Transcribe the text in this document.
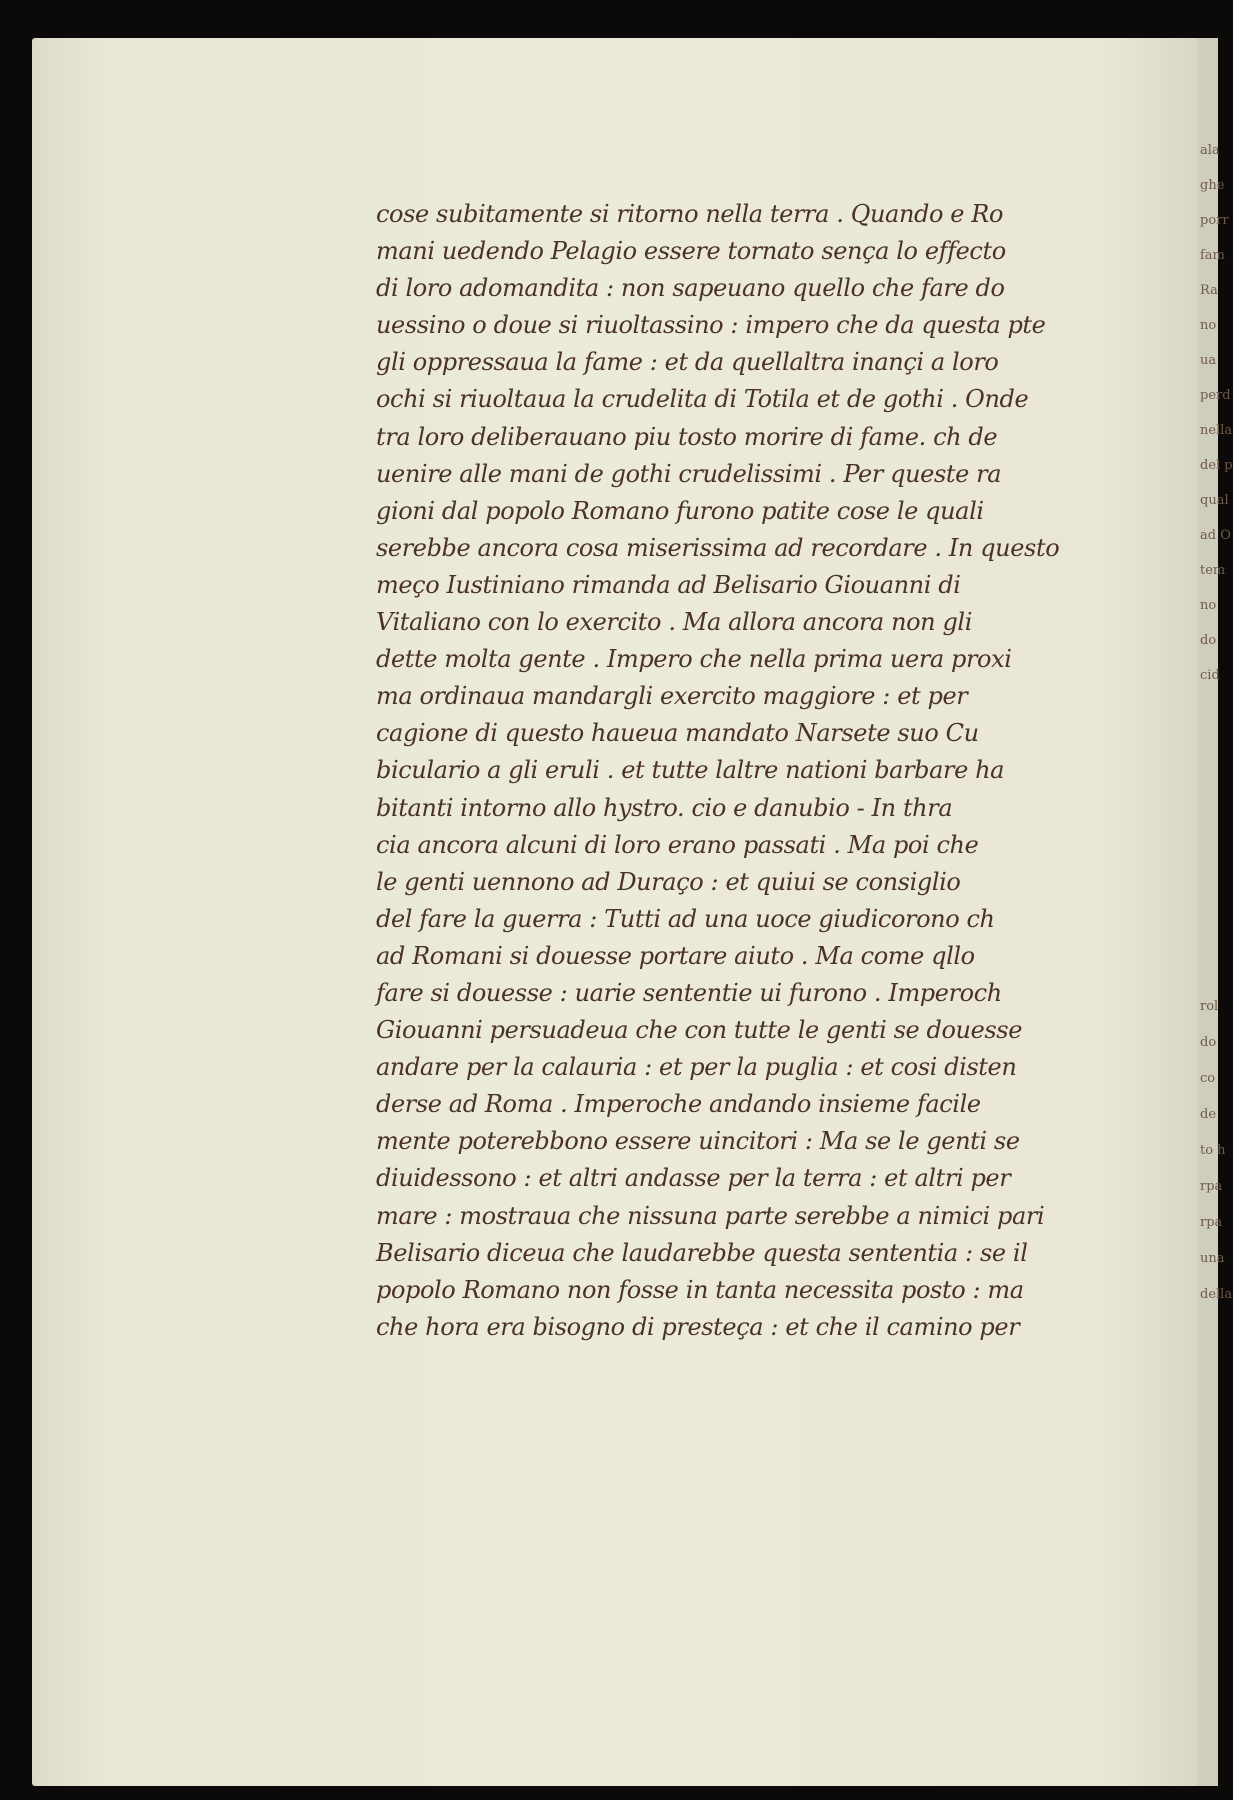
cose subitamente si ritorno nella terra . Quando e Ro
mani uedendo Pelagio essere tornato sença lo effecto
di loro adomandita : non sapeuano quello che fare do
uessino o doue si riuoltassino : impero che da questa pte
gli oppressaua la fame : et da quellaltra inançi a loro
ochi si riuoltaua la crudelita di Totila et de gothi . Onde
tra loro deliberauano piu tosto morire di fame. ch de
uenire alle mani de gothi crudelissimi . Per queste ra
gioni dal popolo Romano furono patite cose le quali
serebbe ancora cosa miserissima ad recordare . In questo
meço Iustiniano rimanda ad Belisario Giouanni di
Vitaliano con lo exercito . Ma allora ancora non gli
dette molta gente . Impero che nella prima uera proxi
ma ordinaua mandargli exercito maggiore : et per
cagione di questo haueua mandato Narsete suo Cu
biculario a gli eruli . et tutte laltre nationi barbare ha
bitanti intorno allo hystro. cio e danubio - In thra
cia ancora alcuni di loro erano passati . Ma poi che
le genti uennono ad Duraço : et quiui se consiglio
del fare la guerra : Tutti ad una uoce giudicorono ch
ad Romani si douesse portare aiuto . Ma come qllo
fare si douesse : uarie sententie ui furono . Imperoch
Giouanni persuadeua che con tutte le genti se douesse
andare per la calauria : et per la puglia : et cosi disten
derse ad Roma . Imperoche andando insieme facile
mente poterebbono essere uincitori : Ma se le genti se
diuidessono : et altri andasse per la terra : et altri per
mare : mostraua che nissuna parte serebbe a nimici pari
Belisario diceua che laudarebbe questa sententia : se il
popolo Romano non fosse in tanta necessita posto : ma
che hora era bisogno di presteça : et che il camino per
ala
ghe
porr
fam
Ra
no
ua
perd
nella
del p
qual
ad O
tem
no
do
cid
rol
do
co
de
to h
rpa
rpa
una
della
